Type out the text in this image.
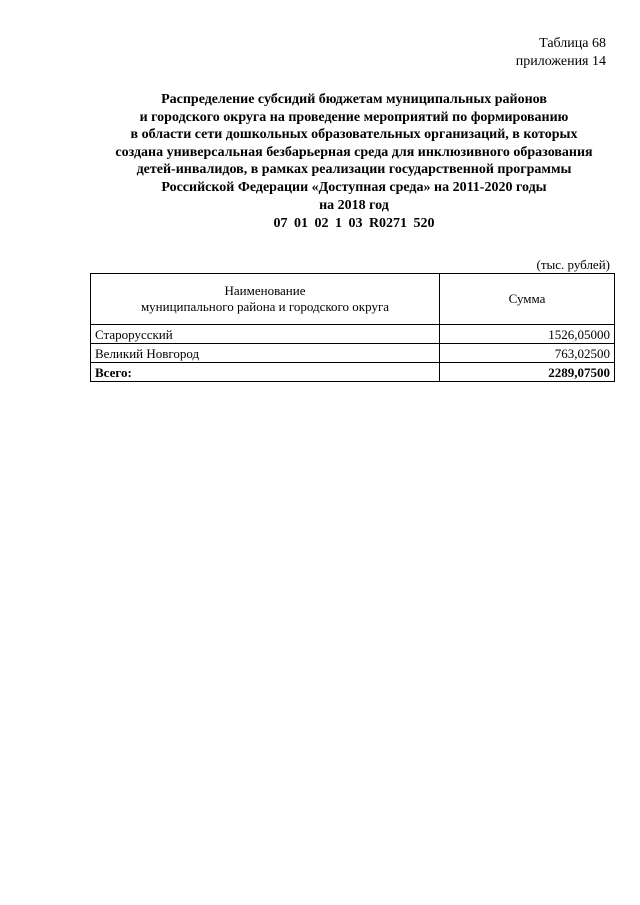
Таблица 68
приложения 14
Распределение субсидий бюджетам муниципальных районов
и городского округа на проведение мероприятий по формированию
в области сети дошкольных образовательных организаций, в которых
создана универсальная безбарьерная среда для инклюзивного образования
детей-инвалидов, в рамках реализации государственной программы
Российской Федерации «Доступная среда» на 2011-2020 годы
на 2018 год
07 01 02 1 03 R0271 520
(тыс. рублей)
Наименование
муниципального района и городского округа	Сумма
Старорусский	1526,05000
Великий Новгород	763,02500
Всего:	2289,07500
